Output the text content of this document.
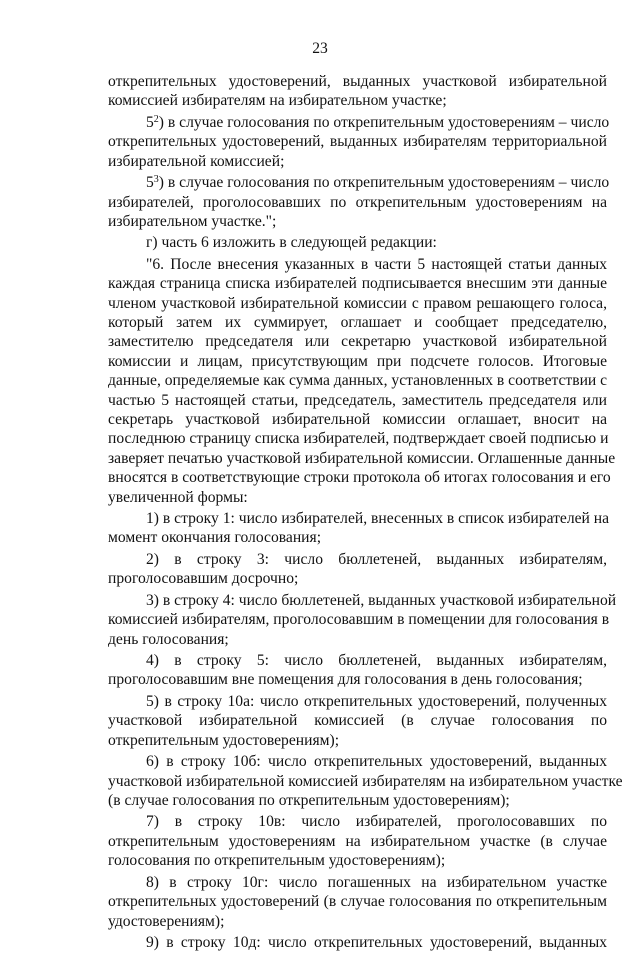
23
открепительных удостоверений, выданных участковой избирательной
комиссией избирателям на избирательном участке;
$5^2$) в случае голосования по открепительным удостоверениям – число
открепительных удостоверений, выданных избирателям территориальной
избирательной комиссией;
$5^3$) в случае голосования по открепительным удостоверениям – число
избирателей, проголосовавших по открепительным удостоверениям на
избирательном участке.";
г) часть 6 изложить в следующей редакции:
"6. После внесения указанных в части 5 настоящей статьи данных
каждая страница списка избирателей подписывается внесшим эти данные
членом участковой избирательной комиссии с правом решающего голоса,
который затем их суммирует, оглашает и сообщает председателю,
заместителю председателя или секретарю участковой избирательной
комиссии и лицам, присутствующим при подсчете голосов. Итоговые
данные, определяемые как сумма данных, установленных в соответствии с
частью 5 настоящей статьи, председатель, заместитель председателя или
секретарь участковой избирательной комиссии оглашает, вносит на
последнюю страницу списка избирателей, подтверждает своей подписью и
заверяет печатью участковой избирательной комиссии. Оглашенные данные
вносятся в соответствующие строки протокола об итогах голосования и его
увеличенной формы:
1) в строку 1: число избирателей, внесенных в список избирателей на
момент окончания голосования;
2) в строку 3: число бюллетеней, выданных избирателям,
проголосовавшим досрочно;
3) в строку 4: число бюллетеней, выданных участковой избирательной
комиссией избирателям, проголосовавшим в помещении для голосования в
день голосования;
4) в строку 5: число бюллетеней, выданных избирателям,
проголосовавшим вне помещения для голосования в день голосования;
5) в строку 10а: число открепительных удостоверений, полученных
участковой избирательной комиссией (в случае голосования по
открепительным удостоверениям);
6) в строку 10б: число открепительных удостоверений, выданных
участковой избирательной комиссией избирателям на избирательном участке
(в случае голосования по открепительным удостоверениям);
7) в строку 10в: число избирателей, проголосовавших по
открепительным удостоверениям на избирательном участке (в случае
голосования по открепительным удостоверениям);
8) в строку 10г: число погашенных на избирательном участке
открепительных удостоверений (в случае голосования по открепительным
удостоверениям);
9) в строку 10д: число открепительных удостоверений, выданных
